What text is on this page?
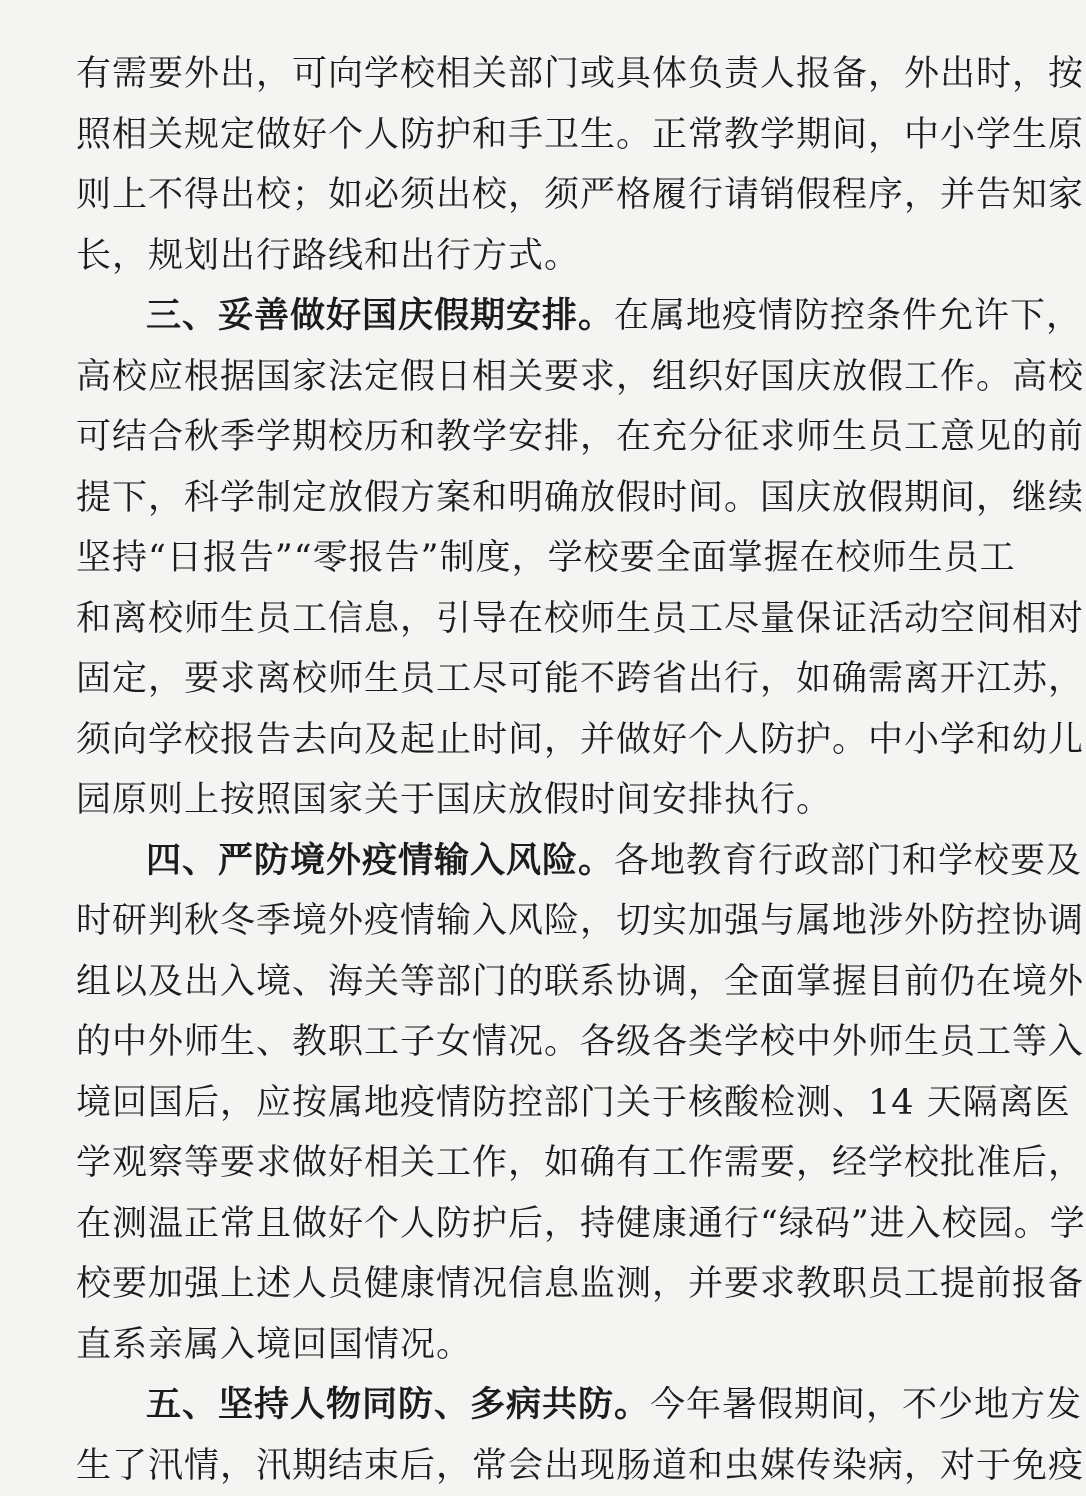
有需要外出，可向学校相关部门或具体负责人报备，外出时，按
照相关规定做好个人防护和手卫生。正常教学期间，中小学生原
则上不得出校；如必须出校，须严格履行请销假程序，并告知家
长，规划出行路线和出行方式。
三、妥善做好国庆假期安排。在属地疫情防控条件允许下，
高校应根据国家法定假日相关要求，组织好国庆放假工作。高校
可结合秋季学期校历和教学安排，在充分征求师生员工意见的前
提下，科学制定放假方案和明确放假时间。国庆放假期间，继续
坚持“日报告”“零报告”制度，学校要全面掌握在校师生员工
和离校师生员工信息，引导在校师生员工尽量保证活动空间相对
固定，要求离校师生员工尽可能不跨省出行，如确需离开江苏，
须向学校报告去向及起止时间，并做好个人防护。中小学和幼儿
园原则上按照国家关于国庆放假时间安排执行。
四、严防境外疫情输入风险。各地教育行政部门和学校要及
时研判秋冬季境外疫情输入风险，切实加强与属地涉外防控协调
组以及出入境、海关等部门的联系协调，全面掌握目前仍在境外
的中外师生、教职工子女情况。各级各类学校中外师生员工等入
境回国后，应按属地疫情防控部门关于核酸检测、14 天隔离医
学观察等要求做好相关工作，如确有工作需要，经学校批准后，
在测温正常且做好个人防护后，持健康通行“绿码”进入校园。学
校要加强上述人员健康情况信息监测，并要求教职员工提前报备
直系亲属入境回国情况。
五、坚持人物同防、多病共防。今年暑假期间，不少地方发
生了汛情，汛期结束后，常会出现肠道和虫媒传染病，对于免疫
